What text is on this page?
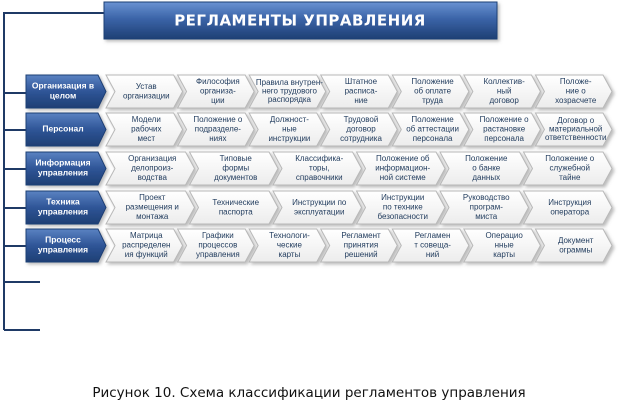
РЕГЛАМЕНТЫ УПРАВЛЕНИЯ
Организация в целом
Устав организации
Философия организа-ции
Правила внутрен-него трудового распорядка
Штатное расписа-ние
Положение об оплате труда
Коллектив-ный договор
Положе-ние о хозрасчете
Персонал
Модели рабочих мест
Положение о подразделе-ниях
Должност-ные инструкции
Трудовой договор сотрудника
Положение об аттестации персонала
Положение о растановке персонала
Договор о материальной ответственности
Информация управления
Организация делопроиз-водства
Типовые формы документов
Классифика-торы, справочники
Положение об информацион-ной системе
Положение о банке данных
Положение о служебной тайне
Техника управления
Проект размещения и монтажа
Технические паспорта
Инструкции по эксплуатации
Инструкции по технике безопасности
Руководство програм-миста
Инструкция оператора
Процесс управления
Матрица распределен ия функций
Графики процессов управления
Технологи-ческие карты
Регламент принятия решений
Регламен т совеща-ний
Операцио нные карты
Документ ограммы
Рисунок 10. Схема классификации регламентов управления
